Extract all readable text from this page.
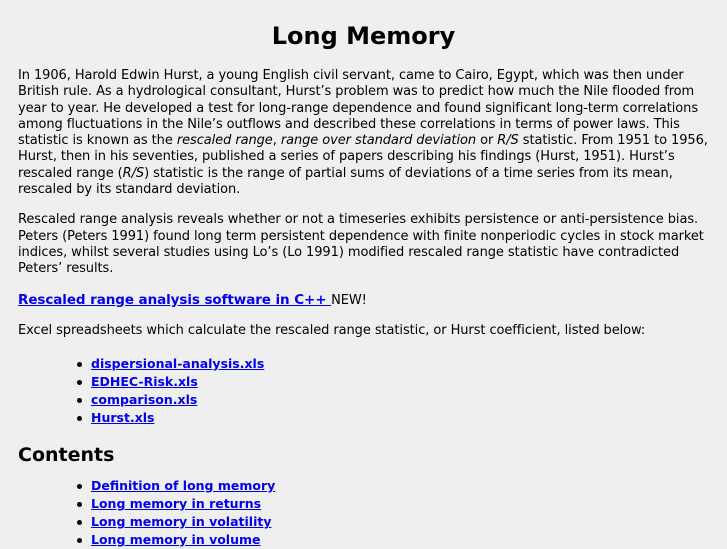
Long Memory

In 1906, Harold Edwin Hurst, a young English civil servant, came to Cairo, Egypt, which was then under British rule. As a hydrological consultant, Hurst’s problem was to predict how much the Nile flooded from year to year. He developed a test for long-range dependence and found significant long-term correlations among fluctuations in the Nile’s outflows and described these correlations in terms of power laws. This statistic is known as the rescaled range, range over standard deviation or R/S statistic. From 1951 to 1956, Hurst, then in his seventies, published a series of papers describing his findings (Hurst, 1951). Hurst’s rescaled range (R/S) statistic is the range of partial sums of deviations of a time series from its mean, rescaled by its standard deviation.

Rescaled range analysis reveals whether or not a timeseries exhibits persistence or anti-persistence bias. Peters (Peters 1991) found long term persistent dependence with finite nonperiodic cycles in stock market indices, whilst several studies using Lo’s (Lo 1991) modified rescaled range statistic have contradicted Peters’ results.

Rescaled range analysis software in C++ NEW!

Excel spreadsheets which calculate the rescaled range statistic, or Hurst coefficient, listed below:

dispersional-analysis.xls
EDHEC-Risk.xls
comparison.xls
Hurst.xls
Contents
Definition of long memory
Long memory in returns
Long memory in volatility
Long memory in volume
